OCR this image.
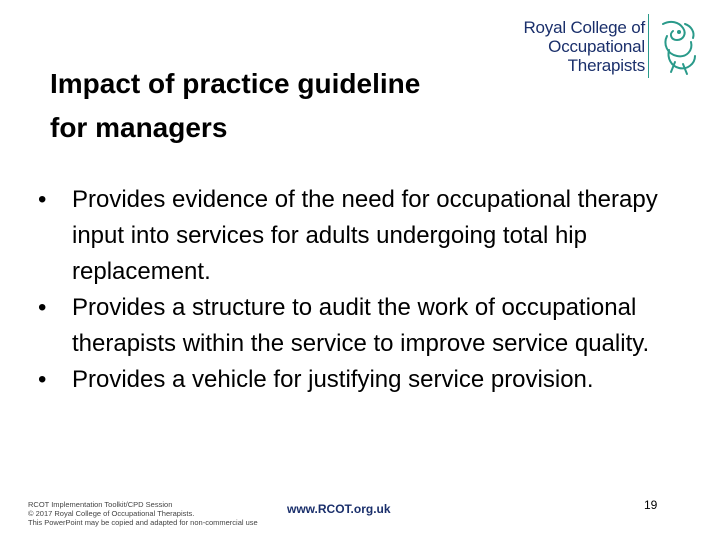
Royal College of
Occupational
Therapists
Impact of practice guideline
for managers
•	Provides evidence of the need for occupational therapy input into services for adults undergoing total hip replacement.
•	Provides a structure to audit the work of occupational therapists within the service to improve service quality.
•	Provides a vehicle for justifying service provision.
RCOT Implementation Toolkit/CPD Session
© 2017 Royal College of Occupational Therapists.
This PowerPoint may be copied and adapted for non-commercial use
www.RCOT.org.uk	19
